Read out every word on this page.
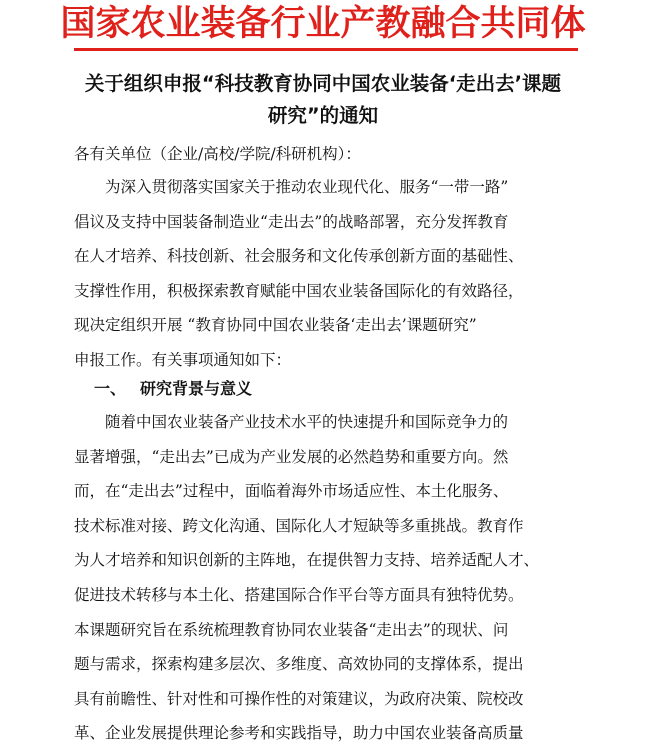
国家农业装备行业产教融合共同体
关于组织申报“科技教育协同中国农业装备‘走出去’课题
研究”的通知
各有关单位（企业/高校/学院/科研机构）：
为深入贯彻落实国家关于推动农业现代化、服务“一带一路”
倡议及支持中国装备制造业“走出去”的战略部署，充分发挥教育
在人才培养、科技创新、社会服务和文化传承创新方面的基础性、
支撑性作用，积极探索教育赋能中国农业装备国际化的有效路径，
现决定组织开展 “教育协同中国农业装备‘走出去’课题研究”
申报工作。有关事项通知如下：
一、 研究背景与意义
随着中国农业装备产业技术水平的快速提升和国际竞争力的
显著增强，“走出去”已成为产业发展的必然趋势和重要方向。然
而，在“走出去”过程中，面临着海外市场适应性、本土化服务、
技术标准对接、跨文化沟通、国际化人才短缺等多重挑战。教育作
为人才培养和知识创新的主阵地，在提供智力支持、培养适配人才、
促进技术转移与本土化、搭建国际合作平台等方面具有独特优势。
本课题研究旨在系统梳理教育协同农业装备“走出去”的现状、问
题与需求，探索构建多层次、多维度、高效协同的支撑体系，提出
具有前瞻性、针对性和可操作性的对策建议，为政府决策、院校改
革、企业发展提供理论参考和实践指导，助力中国农业装备高质量
